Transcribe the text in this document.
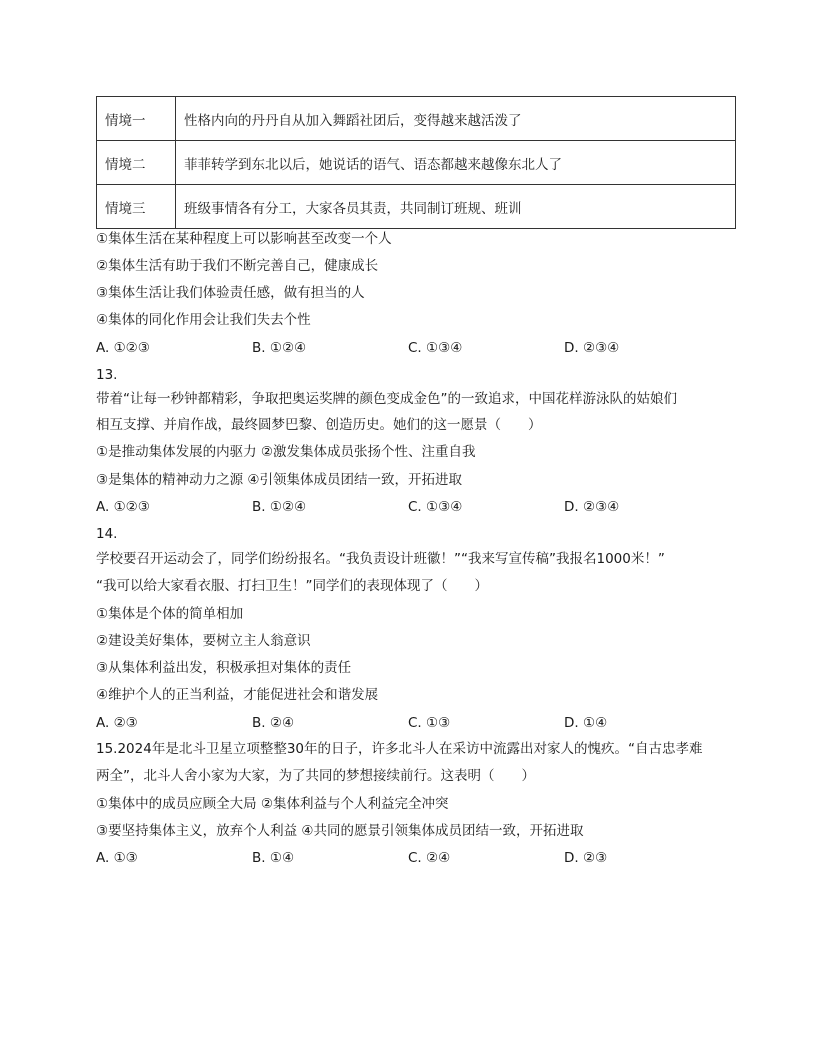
情境一	性格内向的丹丹自从加入舞蹈社团后，变得越来越活泼了
情境二	菲菲转学到东北以后，她说话的语气、语态都越来越像东北人了
情境三	班级事情各有分工，大家各员其责，共同制订班规、班训
①集体生活在某种程度上可以影响甚至改变一个人
②集体生活有助于我们不断完善自己，健康成长
③集体生活让我们体验责任感，做有担当的人
④集体的同化作用会让我们失去个性
A. ①②③	B. ①②④	C. ①③④	D. ②③④
13.
带着“让每一秒钟都精彩，争取把奥运奖牌的颜色变成金色”的一致追求，中国花样游泳队的姑娘们
相互支撑、并肩作战，最终圆梦巴黎、创造历史。她们的这一愿景（　　）
①是推动集体发展的内驱力 ②激发集体成员张扬个性、注重自我
③是集体的精神动力之源 ④引领集体成员团结一致，开拓进取
A. ①②③	B. ①②④	C. ①③④	D. ②③④
14.
学校要召开运动会了，同学们纷纷报名。“我负责设计班徽！”“我来写宣传稿”我报名1000米！”
“我可以给大家看衣服、打扫卫生！”同学们的表现体现了（　　）
①集体是个体的简单相加
②建设美好集体，要树立主人翁意识
③从集体利益出发，积极承担对集体的责任
④维护个人的正当利益，才能促进社会和谐发展
A. ②③	B. ②④	C. ①③	D. ①④
15.2024年是北斗卫星立项整整30年的日子，许多北斗人在采访中流露出对家人的愧疚。“自古忠孝难
两全”，北斗人舍小家为大家，为了共同的梦想接续前行。这表明（　　）
①集体中的成员应顾全大局 ②集体利益与个人利益完全冲突
③要坚持集体主义，放弃个人利益 ④共同的愿景引领集体成员团结一致，开拓进取
A. ①③	B. ①④	C. ②④	D. ②③
